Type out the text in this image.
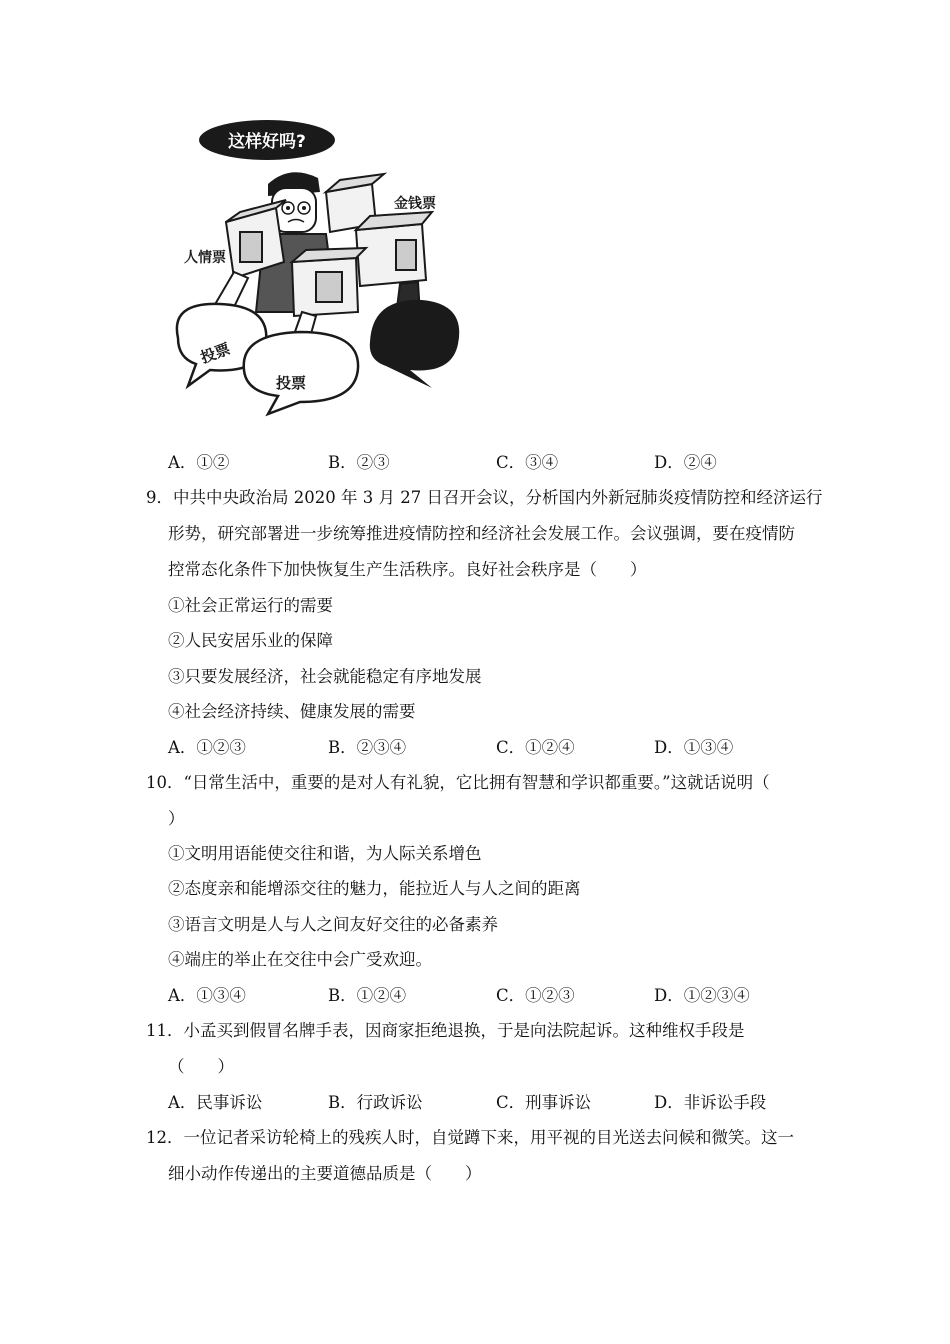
这样好吗?
金钱票
人情票
投票
投票
A．①②	B．②③	C．③④	D．②④
9．中共中央政治局 2020 年 3 月 27 日召开会议，分析国内外新冠肺炎疫情防控和经济运行
形势，研究部署进一步统筹推进疫情防控和经济社会发展工作。会议强调，要在疫情防
控常态化条件下加快恢复生产生活秩序。良好社会秩序是（　　）
①社会正常运行的需要
②人民安居乐业的保障
③只要发展经济，社会就能稳定有序地发展
④社会经济持续、健康发展的需要
A．①②③	B．②③④	C．①②④	D．①③④
10．“日常生活中，重要的是对人有礼貌，它比拥有智慧和学识都重要。”这就话说明（
）
①文明用语能使交往和谐，为人际关系增色
②态度亲和能增添交往的魅力，能拉近人与人之间的距离
③语言文明是人与人之间友好交往的必备素养
④端庄的举止在交往中会广受欢迎。
A．①③④	B．①②④	C．①②③	D．①②③④
11．小孟买到假冒名牌手表，因商家拒绝退换，于是向法院起诉。这种维权手段是
（　　）
A．民事诉讼	B．行政诉讼	C．刑事诉讼	D．非诉讼手段
12．一位记者采访轮椅上的残疾人时，自觉蹲下来，用平视的目光送去问候和微笑。这一
细小动作传递出的主要道德品质是（　　）
